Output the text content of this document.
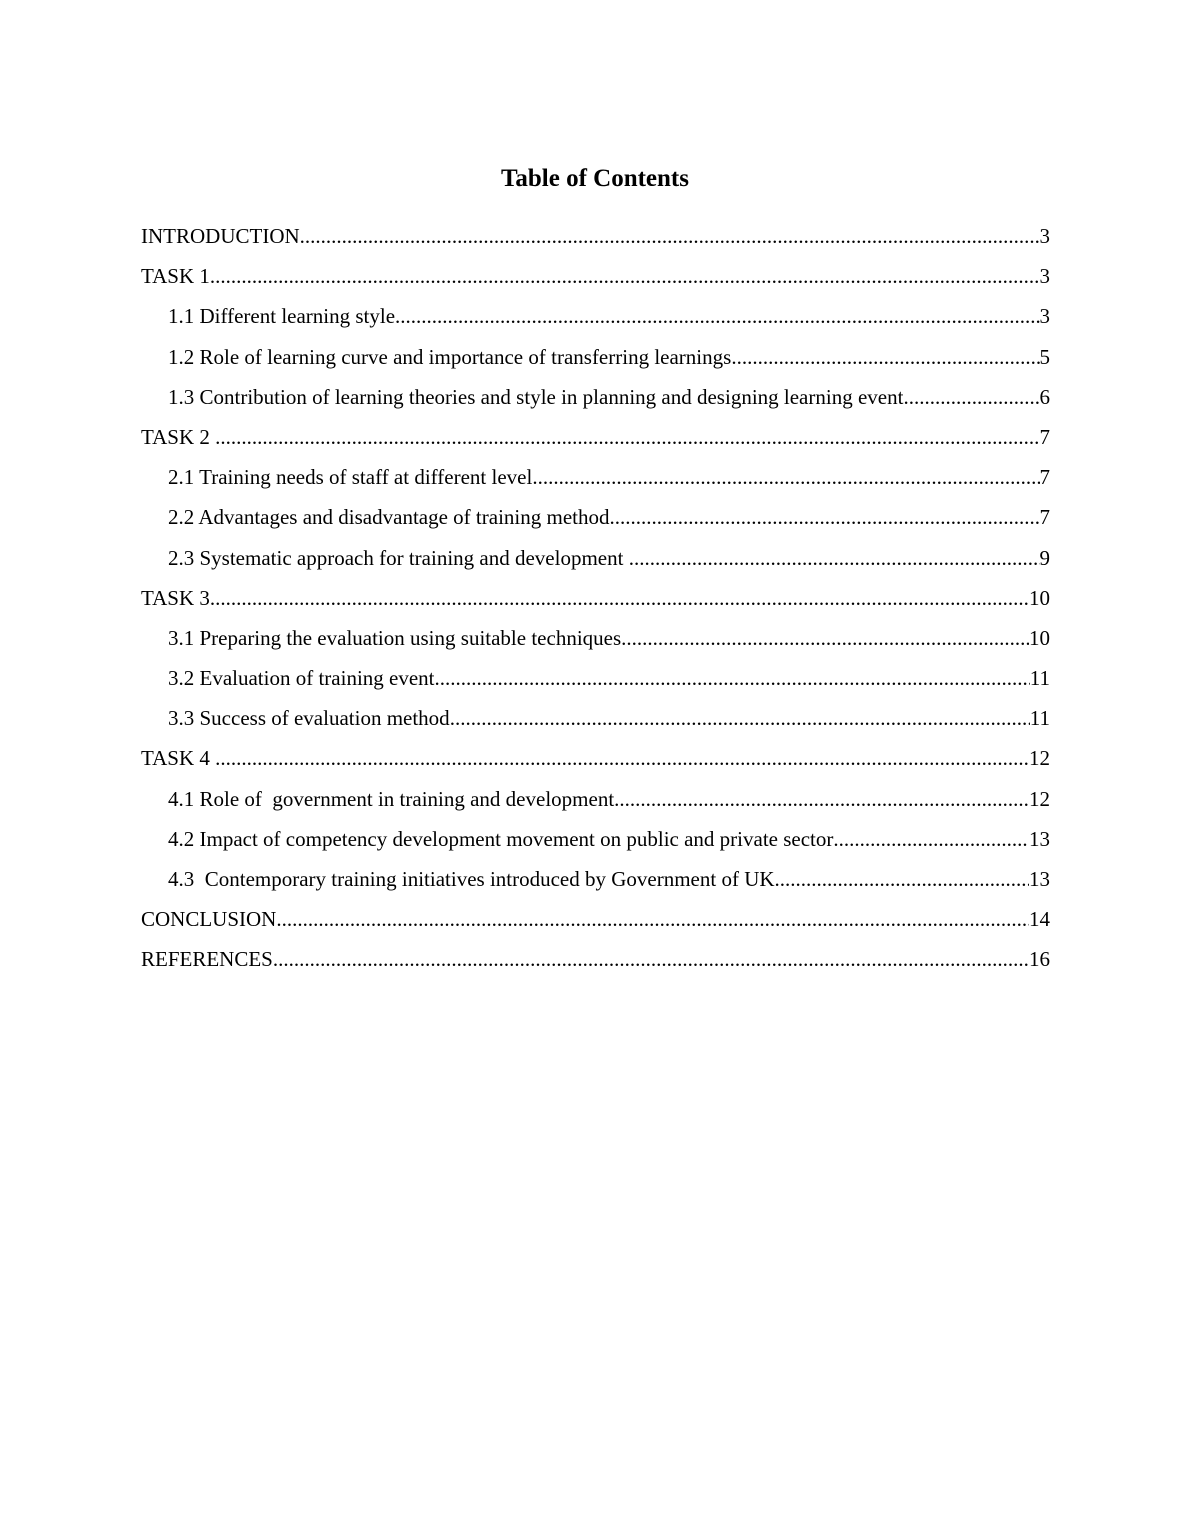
Table of Contents
INTRODUCTION .....	3
TASK 1 .....	3
1.1 Different learning style .....	3
1.2 Role of learning curve and importance of transferring learnings .....	5
1.3 Contribution of learning theories and style in planning and designing learning event .....	6
TASK 2 .....	7
2.1 Training needs of staff at different level .....	7
2.2 Advantages and disadvantage of training method .....	7
2.3 Systematic approach for training and development .....	9
TASK 3 .....	10
3.1 Preparing the evaluation using suitable techniques .....	10
3.2 Evaluation of training event .....	11
3.3 Success of evaluation method .....	11
TASK 4 .....	12
4.1 Role of  government in training and development .....	12
4.2 Impact of competency development movement on public and private sector .....	13
4.3  Contemporary training initiatives introduced by Government of UK .....	13
CONCLUSION .....	14
REFERENCES .....	16
